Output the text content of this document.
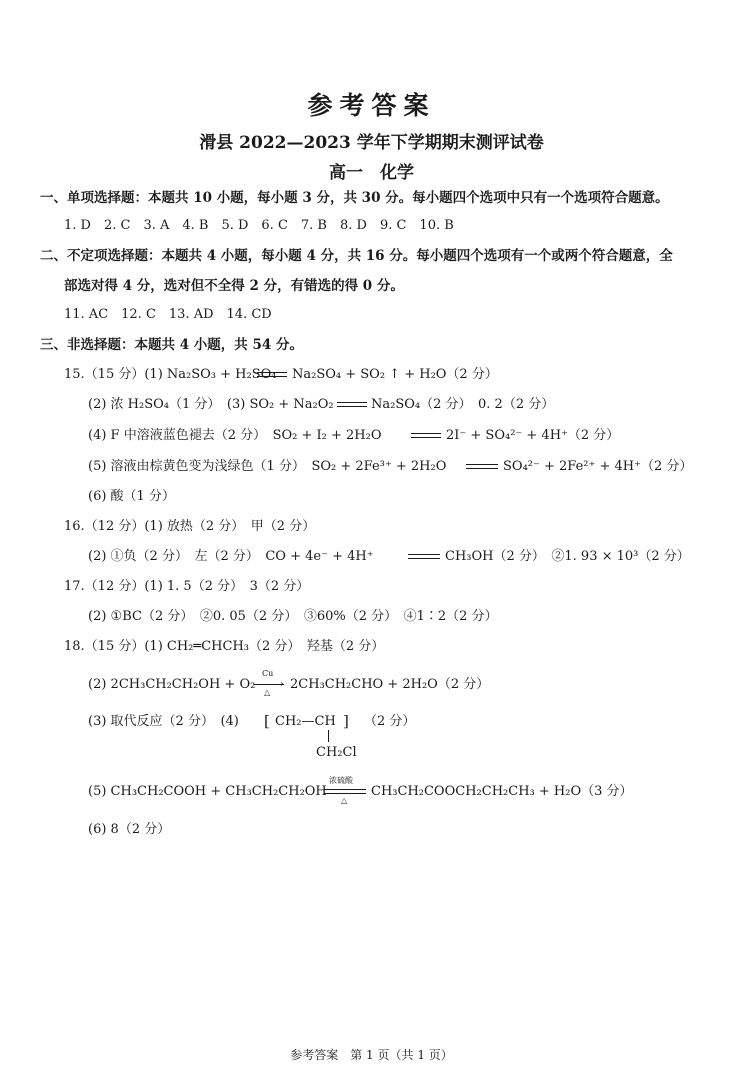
参考答案
滑县 2022—2023 学年下学期期末测评试卷
高一　化学
一、单项选择题：本题共 10 小题，每小题 3 分，共 30 分。每小题四个选项中只有一个选项符合题意。
1. D　2. C　3. A　4. B　5. D　6. C　7. B　8. D　9. C　10. B
二、不定项选择题：本题共 4 小题，每小题 4 分，共 16 分。每小题四个选项有一个或两个符合题意，全
部选对得 4 分，选对但不全得 2 分，有错选的得 0 分。
11. AC　12. C　13. AD　14. CD
三、非选择题：本题共 4 小题，共 54 分。
15.（15 分）(1) Na₂SO₃ + H₂SO₄ Na₂SO₄ + SO₂ ↑ + H₂O（2 分）
(2) 浓 H₂SO₄（1 分）　(3) SO₂ + Na₂O₂	Na₂SO₄（2 分）　0. 2（2 分）
(4) F 中溶液蓝色褪去（2 分）　SO₂ + I₂ + 2H₂O	2I⁻ + SO₄²⁻ + 4H⁺（2 分）
(5) 溶液由棕黄色变为浅绿色（1 分）　SO₂ + 2Fe³⁺ + 2H₂O	SO₄²⁻ + 2Fe²⁺ + 4H⁺（2 分）
(6) 酸（1 分）
16.（12 分）(1) 放热（2 分）　甲（2 分）
(2) ①负（2 分）　左（2 分）　CO + 4e⁻ + 4H⁺	CH₃OH（2 分）　②1. 93 × 10³（2 分）
17.（12 分）(1) 1. 5（2 分）　3（2 分）
(2) ①BC（2 分）　②0. 05（2 分）　③60%（2 分）　④1∶2（2 分）
18.（15 分）(1) CH₂═CHCH₃（2 分）　羟基（2 分）
(2) 2CH₃CH₂CH₂OH + O₂
Cu
›
△
2CH₃CH₂CHO + 2H₂O（2 分）
(3) 取代反应（2 分）　(4) [ CH₂—CH ] （2 分）
CH₂Cl
(5) CH₃CH₂COOH + CH₃CH₂CH₂OH
浓硫酸
△
CH₃CH₂COOCH₂CH₂CH₃ + H₂O（3 分）
(6) 8（2 分）
参考答案　第 1 页（共 1 页）
